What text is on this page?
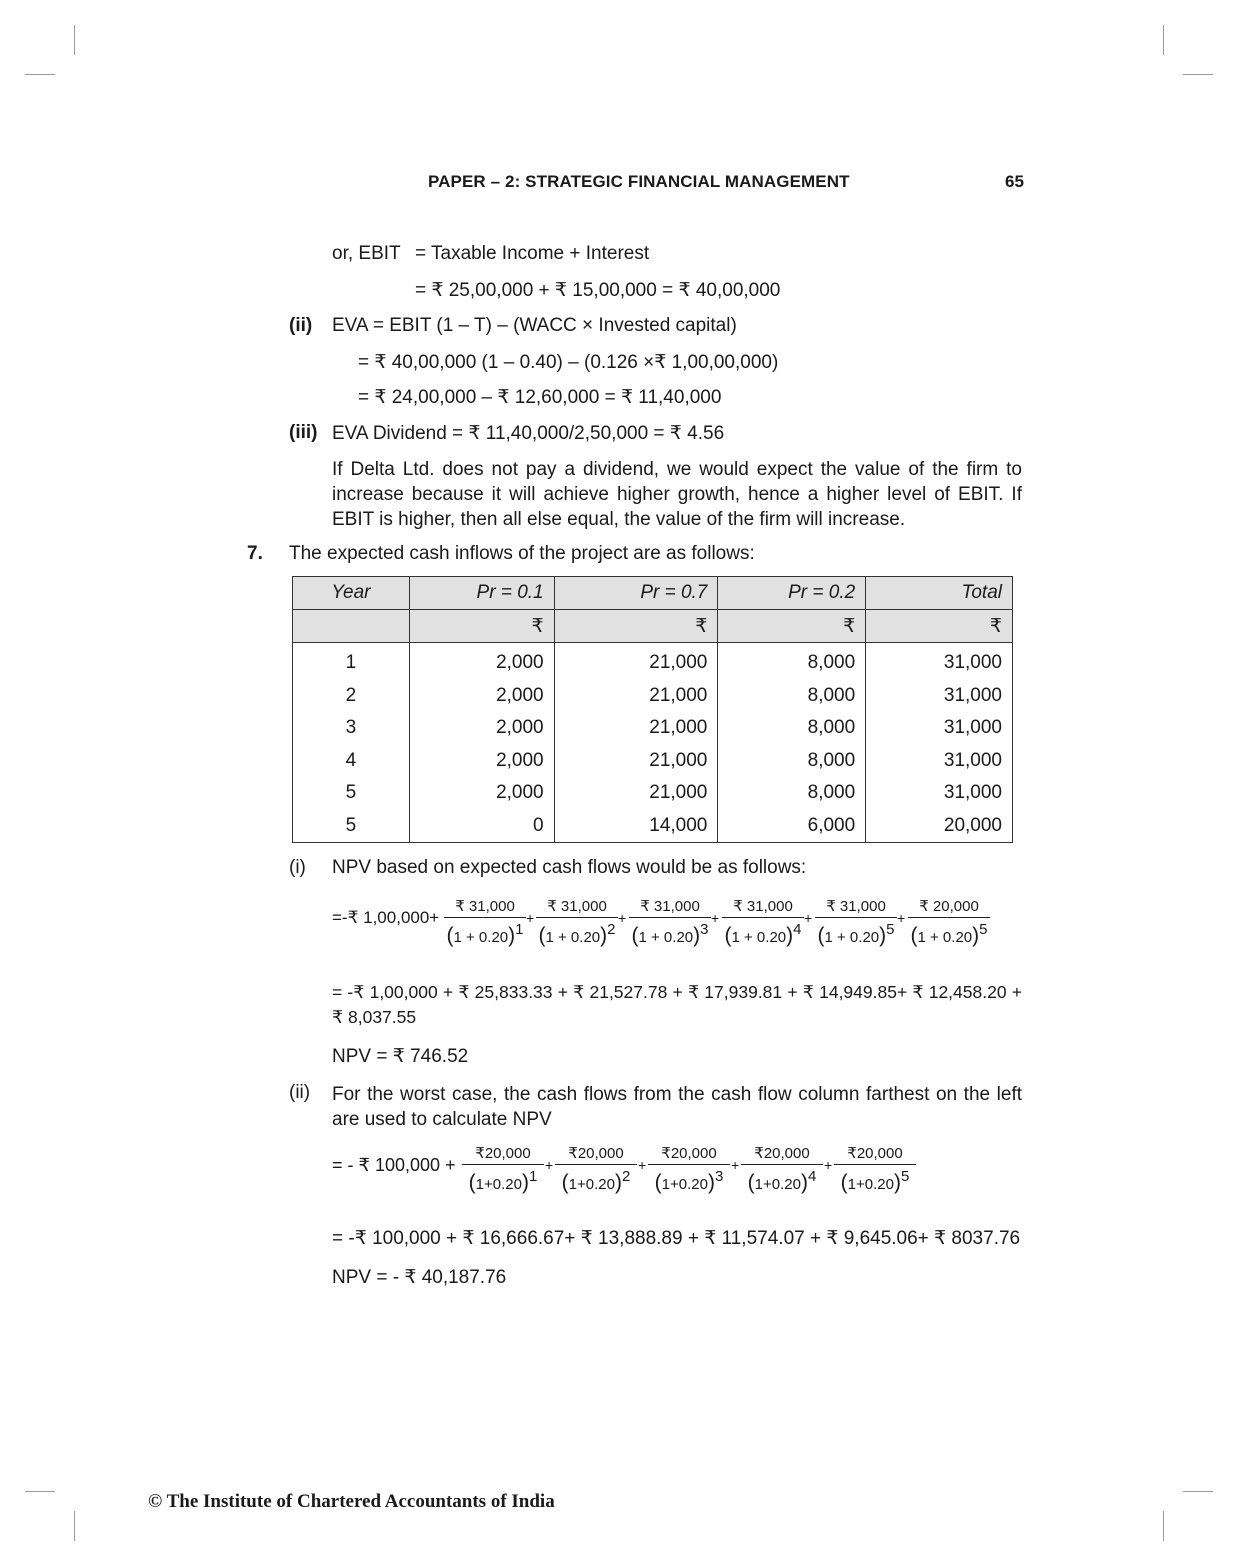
PAPER – 2: STRATEGIC FINANCIAL MANAGEMENT	65
or, EBIT = Taxable Income + Interest
= ₹ 25,00,000 + ₹ 15,00,000 = ₹ 40,00,000
(ii) EVA = EBIT (1 – T) – (WACC × Invested capital)
= ₹ 40,00,000 (1 – 0.40) – (0.126 ×₹ 1,00,00,000)
= ₹ 24,00,000 – ₹ 12,60,000 = ₹ 11,40,000
(iii) EVA Dividend = ₹ 11,40,000/2,50,000 = ₹ 4.56
If Delta Ltd. does not pay a dividend, we would expect the value of the firm to increase because it will achieve higher growth, hence a higher level of EBIT. If EBIT is higher, then all else equal, the value of the firm will increase.
7. The expected cash inflows of the project are as follows:
Year	Pr = 0.1	Pr = 0.7	Pr = 0.2	Total
	₹	₹	₹	₹
1	2,000	21,000	8,000	31,000
2	2,000	21,000	8,000	31,000
3	2,000	21,000	8,000	31,000
4	2,000	21,000	8,000	31,000
5	2,000	21,000	8,000	31,000
5	0	14,000	6,000	20,000
(i) NPV based on expected cash flows would be as follows:
=-₹ 1,00,000+
₹ 31,000
$(1 + 0.20)^1$
+
₹ 31,000
$(1 + 0.20)^2$
+
₹ 31,000
$(1 + 0.20)^3$
+
₹ 31,000
$(1 + 0.20)^4$
+
₹ 31,000
$(1 + 0.20)^5$
+
₹ 20,000
$(1 + 0.20)^5$
= -₹ 1,00,000 + ₹ 25,833.33 + ₹ 21,527.78 + ₹ 17,939.81 + ₹ 14,949.85+ ₹ 12,458.20 + ₹ 8,037.55
NPV = ₹ 746.52
(ii) For the worst case, the cash flows from the cash flow column farthest on the left are used to calculate NPV
= - ₹ 100,000 +
₹20,000
$(1+0.20)^1$
+
₹20,000
$(1+0.20)^2$
+
₹20,000
$(1+0.20)^3$
+
₹20,000
$(1+0.20)^4$
+
₹20,000
$(1+0.20)^5$
= -₹ 100,000 + ₹ 16,666.67+ ₹ 13,888.89 + ₹ 11,574.07 + ₹ 9,645.06+ ₹ 8037.76
NPV = - ₹ 40,187.76
© The Institute of Chartered Accountants of India
